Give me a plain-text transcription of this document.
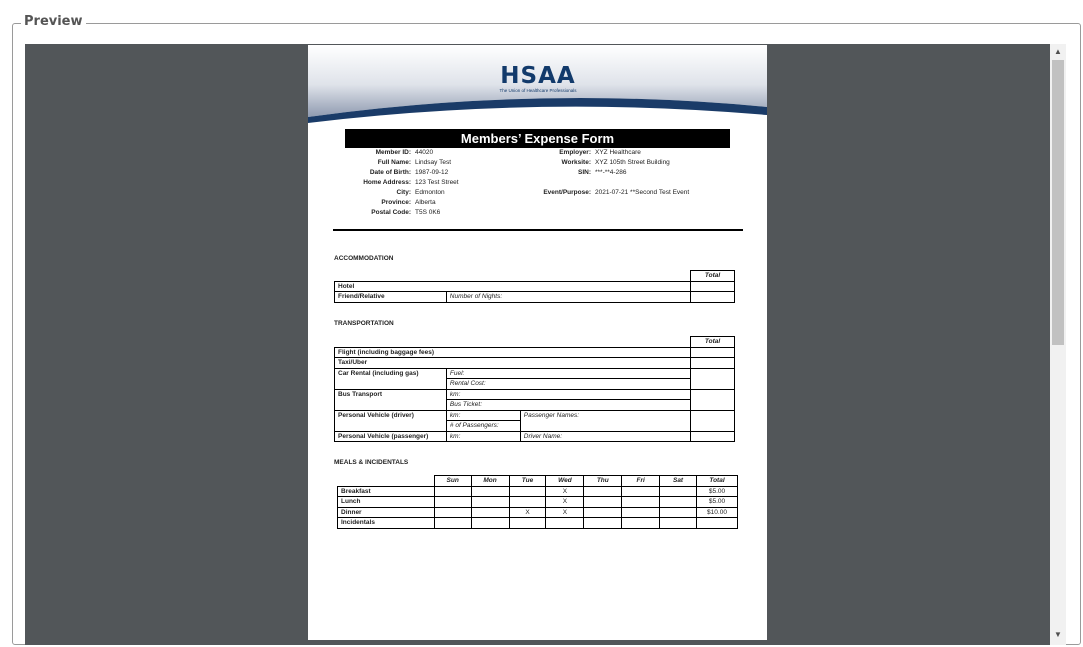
Preview
HSAA
The Union of Healthcare Professionals
Members’ Expense Form
Member ID: 44020
Full Name: Lindsay Test
Date of Birth: 1987-09-12
Home Address: 123 Test Street
City: Edmonton
Province: Alberta
Postal Code: T5S 0K6
Employer: XYZ Healthcare
Worksite: XYZ 105th Street Building
SIN: ***-**4-286
Event/Purpose: 2021-07-21 **Second Test Event
ACCOMMODATION
		Total
Hotel		
Friend/Relative	Number of Nights:	
TRANSPORTATION
			Total
Flight (including baggage fees)			
Taxi/Uber			
Car Rental (including gas)	Fuel:		
	Rental Cost:		
Bus Transport	km:		
	Bus Ticket:		
Personal Vehicle (driver)	km:	Passenger Names:	
	# of Passengers:		
Personal Vehicle (passenger)	km:	Driver Name:	
MEALS & INCIDENTALS
	Sun	Mon	Tue	Wed	Thu	Fri	Sat	Total
Breakfast				X				$5.00
Lunch				X				$5.00
Dinner			X	X				$10.00
Incidentals								
▲
▼
